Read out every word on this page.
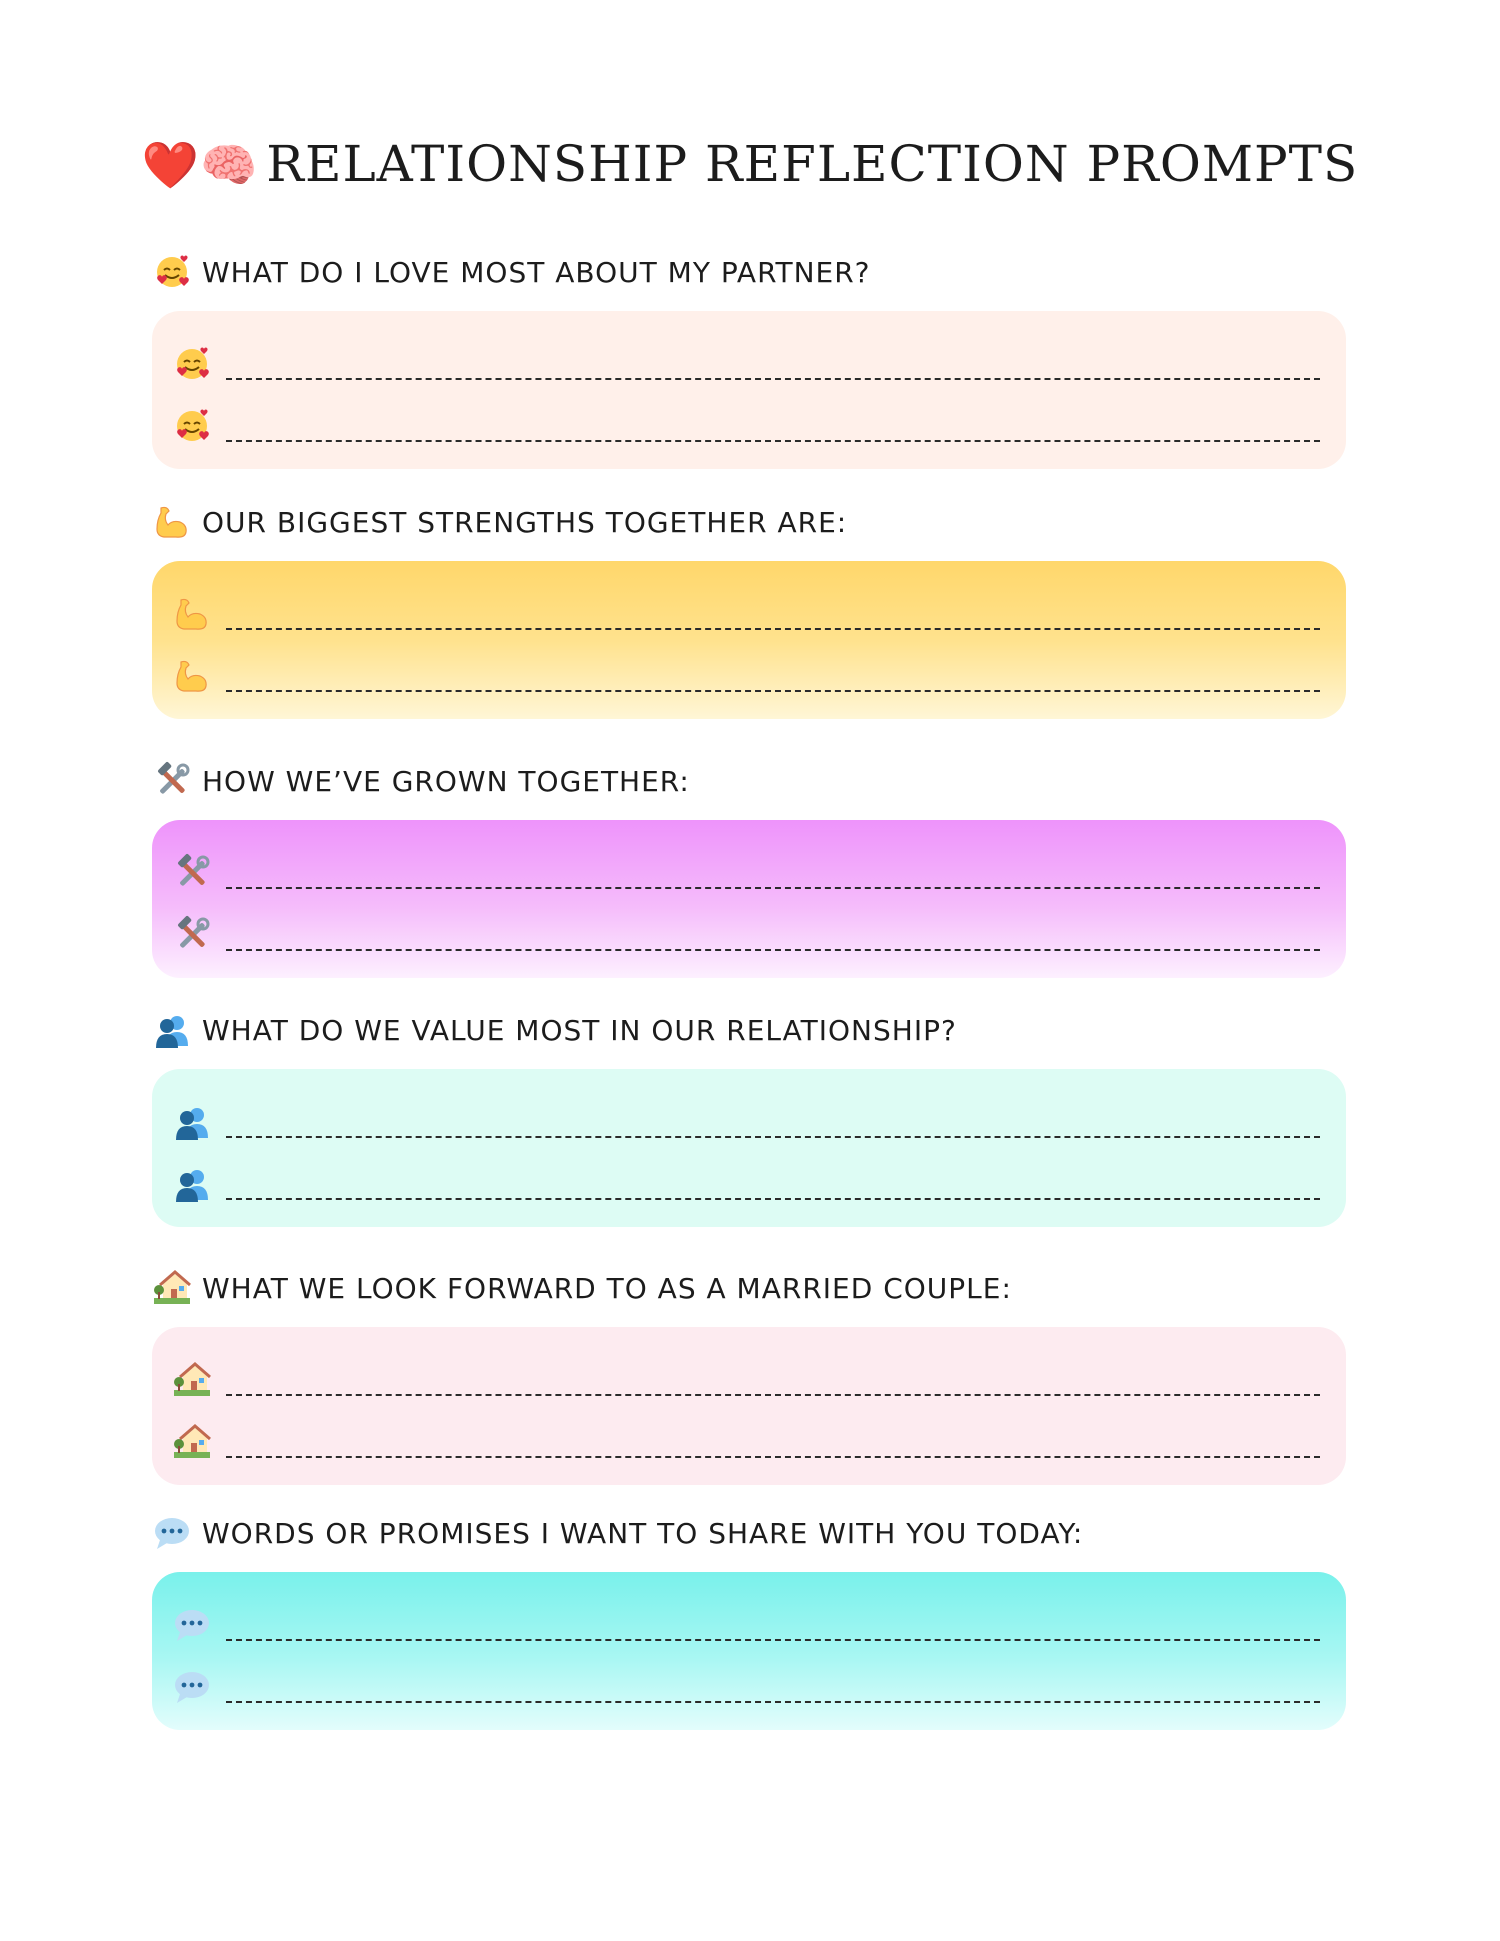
❤️🧠 RELATIONSHIP REFLECTION PROMPTS
WHAT DO I LOVE MOST ABOUT MY PARTNER?
OUR BIGGEST STRENGTHS TOGETHER ARE:
HOW WE’VE GROWN TOGETHER:
WHAT DO WE VALUE MOST IN OUR RELATIONSHIP?
WHAT WE LOOK FORWARD TO AS A MARRIED COUPLE:
WORDS OR PROMISES I WANT TO SHARE WITH YOU TODAY:
